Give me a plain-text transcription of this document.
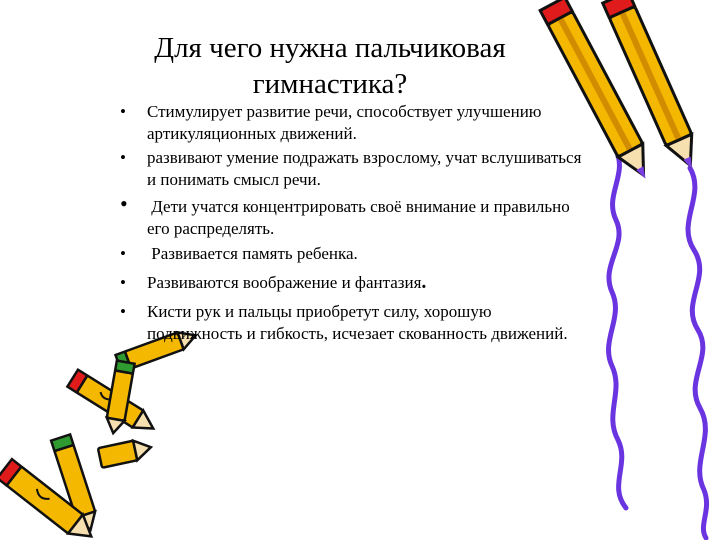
Для чего нужна пальчиковая
гимнастика?
• Стимулирует развитие речи, способствует улучшению артикуляционных движений.
• развивают умение подражать взрослому, учат вслушиваться и понимать смысл речи.
• Дети учатся концентрировать своё внимание и правильно его распределять.
• Развивается память ребенка.
• Развиваются воображение и фантазия.
• Кисти рук и пальцы приобретут силу, хорошую подвижность и гибкость, исчезает скованность движений.
